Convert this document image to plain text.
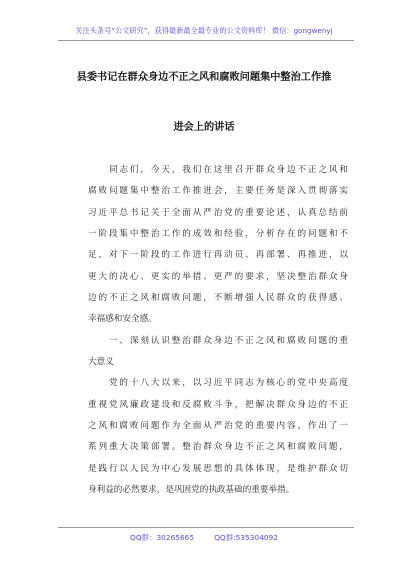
关注头条号“公文研究”，获得最新最全最专业的公文资料库！ 微信：gongwenyj
县委书记在群众身边不正之风和腐败问题集中整治工作推
进会上的讲话
　　同志们，今天，我们在这里召开群众身边不正之风和
腐败问题集中整治工作推进会，主要任务是深入贯彻落实
习近平总书记关于全面从严治党的重要论述，认真总结前
一阶段集中整治工作的成效和经验，分析存在的问题和不
足，对下一阶段的工作进行再动员、再部署、再推进，以
更大的决心、更实的举措、更严的要求，坚决整治群众身
边的不正之风和腐败问题，不断增强人民群众的获得感、
幸福感和安全感。
　　一、深刻认识整治群众身边不正之风和腐败问题的重
大意义
　　党的十八大以来，以习近平同志为核心的党中央高度
重视党风廉政建设和反腐败斗争，把解决群众身边的不正
之风和腐败问题作为全面从严治党的重要内容，作出了一
系列重大决策部署。整治群众身边不正之风和腐败问题，
是践行以人民为中心发展思想的具体体现，是维护群众切
身利益的必然要求，是巩固党的执政基础的重要举措。
QQ群：30265665	QQ群:535304092
